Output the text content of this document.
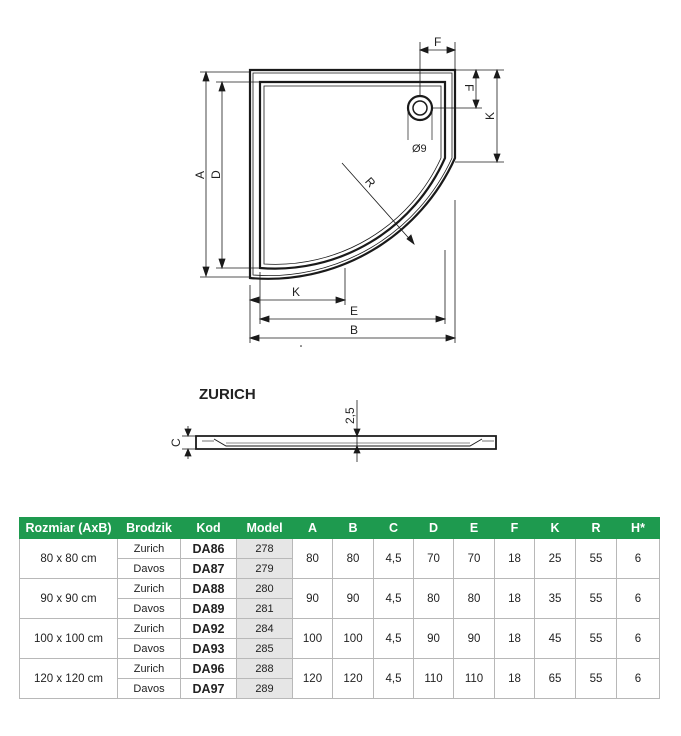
Ø9
A D
F
F
K
R
K
E
B
ZURICH
C
2,5
Rozmiar (AxB)	Brodzik	Kod	Model	A	B	C	D	E	F	K	R	H*
80 x 80 cm	Zurich	DA86	278	80	80	4,5	70	70	18	25	55	6
	Davos	DA87	279									
90 x 90 cm	Zurich	DA88	280	90	90	4,5	80	80	18	35	55	6
	Davos	DA89	281									
100 x 100 cm	Zurich	DA92	284	100	100	4,5	90	90	18	45	55	6
	Davos	DA93	285									
120 x 120 cm	Zurich	DA96	288	120	120	4,5	110	110	18	65	55	6
	Davos	DA97	289									
